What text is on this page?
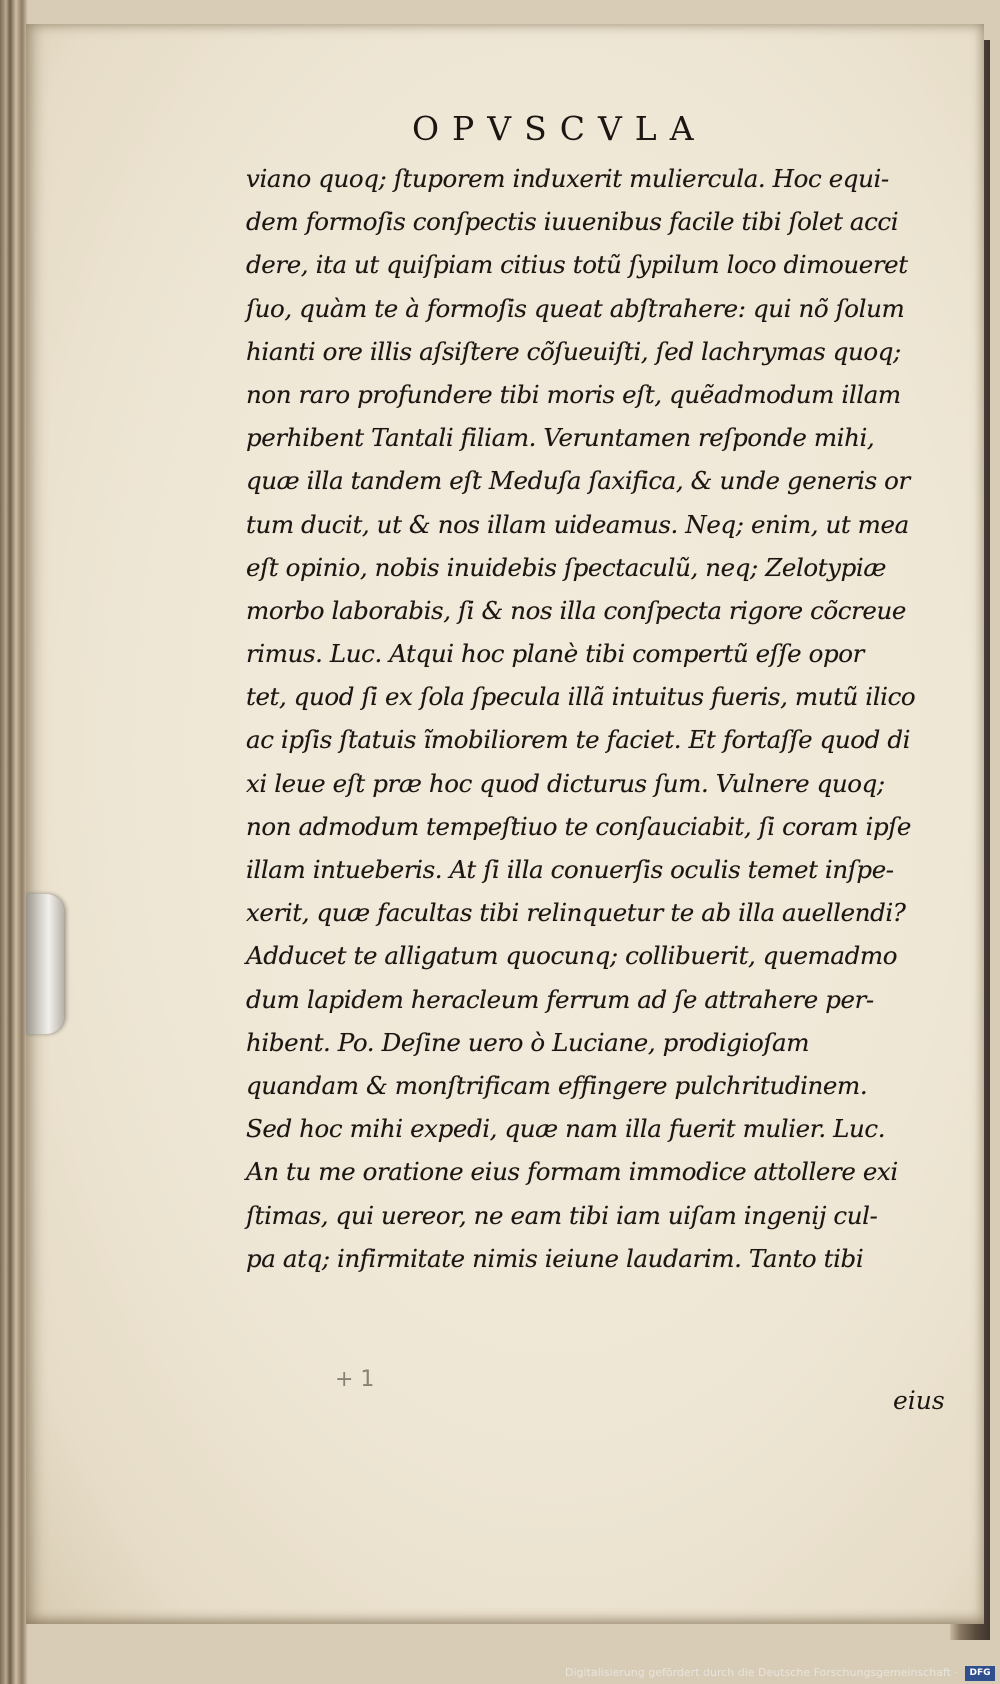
OPVSCVLA
viano quoq; ſtuporem induxerit muliercula. Hoc equi-
dem formoſis conſpectis iuuenibus facile tibi ſolet acci
dere, ita ut quiſpiam citius totũ ſypilum loco dimoueret
ſuo, quàm te à formoſis queat abſtrahere: qui nõ ſolum
hianti ore illis aſsiſtere cõſueuiſti, ſed lachrymas quoq;
non raro profundere tibi moris eſt, quẽadmodum illam
perhibent Tantali filiam. Veruntamen reſponde mihi,
quæ illa tandem eſt Meduſa ſaxifica, & unde generis or
tum ducit, ut & nos illam uideamus. Neq; enim, ut mea
eſt opinio, nobis inuidebis ſpectaculũ, neq; Zelotypiæ
morbo laborabis, ſi & nos illa conſpecta rigore cõcreue
rimus. Luc. Atqui hoc planè tibi compertũ eſſe opor
tet, quod ſi ex ſola ſpecula illã intuitus fueris, mutũ ilico
ac ipſis ſtatuis ĩmobiliorem te faciet. Et fortaſſe quod di
xi leue eſt præ hoc quod dicturus ſum. Vulnere quoq;
non admodum tempeſtiuo te conſauciabit, ſi coram ipſe
illam intueberis. At ſi illa conuerſis oculis temet inſpe-
xerit, quæ facultas tibi relinquetur te ab illa auellendi?
Adducet te alligatum quocunq; collibuerit, quemadmo
dum lapidem heracleum ferrum ad ſe attrahere per-
hibent. Po. Deſine uero ò Luciane, prodigioſam
quandam & monſtrificam effingere pulchritudinem.
Sed hoc mihi expedi, quæ nam illa fuerit mulier. Luc.
An tu me oratione eius formam immodice attollere exi
ſtimas, qui uereor, ne eam tibi iam uiſam ingenij cul-
pa atq; infirmitate nimis ieiune laudarim. Tanto tibi
+ 1
eius
Digitalisierung gefördert durch die Deutsche Forschungsgemeinschaft ·	DFG
